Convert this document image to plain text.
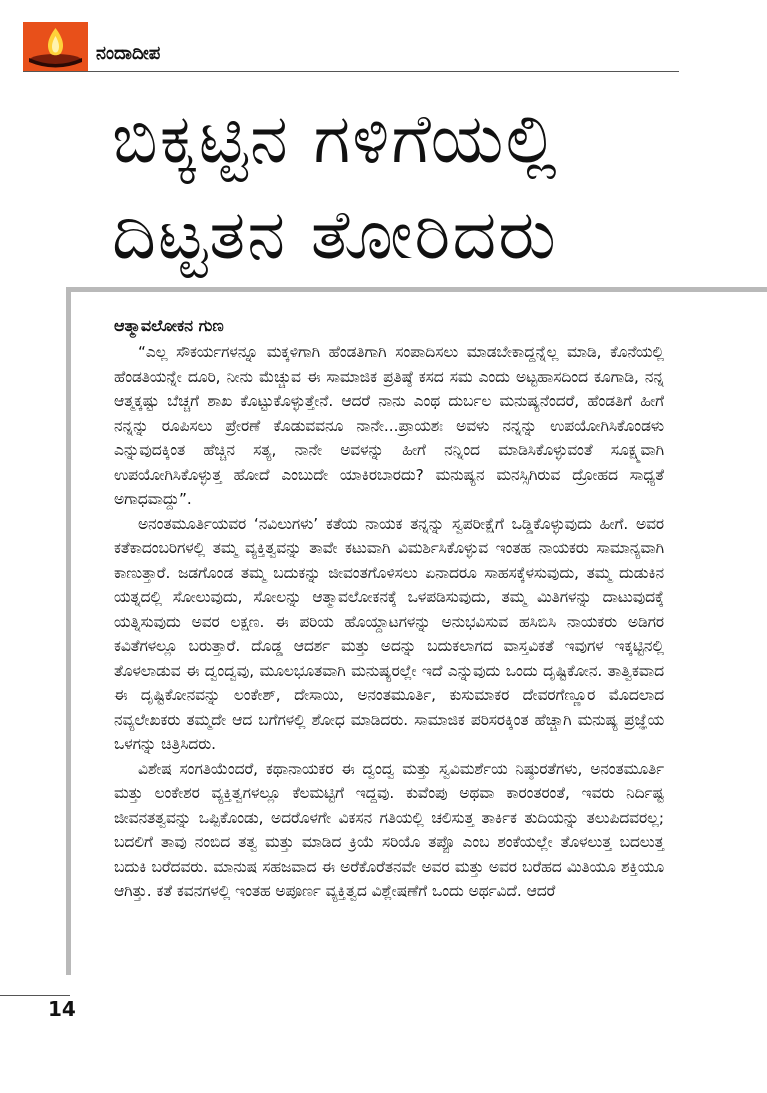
ನಂದಾದೀಪ
ಬಿಕ್ಕಟ್ಟಿನ ಗಳಿಗೆಯಲ್ಲಿ
ದಿಟ್ಟತನ ತೋರಿದರು
ಆತ್ಮಾವಲೋಕನ ಗುಣ

“ಎಲ್ಲ ಸೌಕರ್ಯಗಳನ್ನೂ ಮಕ್ಕಳಿಗಾಗಿ ಹೆಂಡತಿಗಾಗಿ ಸಂಪಾದಿಸಲು ಮಾಡಬೇಕಾದ್ದನ್ನೆಲ್ಲ ಮಾಡಿ, ಕೊನೆಯಲ್ಲಿ ಹೆಂಡತಿಯನ್ನೇ ದೂರಿ, ನೀನು ಮೆಚ್ಚುವ ಈ ಸಾಮಾಜಿಕ ಪ್ರತಿಷ್ಠೆ ಕಸದ ಸಮ ಎಂದು ಅಟ್ಟಹಾಸದಿಂದ ಕೂಗಾಡಿ, ನನ್ನ ಆತ್ಮಕ್ಕಷ್ಟು ಬೆಚ್ಚಗೆ ಶಾಖ ಕೊಟ್ಟುಕೊಳ್ಳುತ್ತೇನೆ. ಆದರೆ ನಾನು ಎಂಥ ದುರ್ಬಲ ಮನುಷ್ಯನೆಂದರೆ, ಹೆಂಡತಿಗೆ ಹೀಗೆ ನನ್ನನ್ನು ರೂಪಿಸಲು ಪ್ರೇರಣೆ ಕೊಡುವವನೂ ನಾನೇ...ಪ್ರಾಯಶಃ ಅವಳು ನನ್ನನ್ನು ಉಪಯೋಗಿಸಿಕೊಂಡಳು ಎನ್ನುವುದಕ್ಕಿಂತ ಹೆಚ್ಚಿನ ಸತ್ಯ, ನಾನೇ ಅವಳನ್ನು ಹೀಗೆ ನನ್ನಿಂದ ಮಾಡಿಸಿಕೊಳ್ಳುವಂತೆ ಸೂಕ್ಷ್ಮವಾಗಿ ಉಪಯೋಗಿಸಿಕೊಳ್ಳುತ್ತ ಹೋದೆ ಎಂಬುದೇ ಯಾಕಿರಬಾರದು? ಮನುಷ್ಯನ ಮನಸ್ಸಿಗಿರುವ ದ್ರೋಹದ ಸಾಧ್ಯತೆ ಅಗಾಧವಾದ್ದು”.

ಅನಂತಮೂರ್ತಿಯವರ ‘ನವಿಲುಗಳು’ ಕತೆಯ ನಾಯಕ ತನ್ನನ್ನು ಸ್ವಪರೀಕ್ಷೆಗೆ ಒಡ್ಡಿಕೊಳ್ಳುವುದು ಹೀಗೆ. ಅವರ ಕತೆಕಾದಂಬರಿಗಳಲ್ಲಿ ತಮ್ಮ ವ್ಯಕ್ತಿತ್ವವನ್ನು ತಾವೇ ಕಟುವಾಗಿ ವಿಮರ್ಶಿಸಿಕೊಳ್ಳುವ ಇಂತಹ ನಾಯಕರು ಸಾಮಾನ್ಯವಾಗಿ ಕಾಣುತ್ತಾರೆ. ಜಡಗೊಂಡ ತಮ್ಮ ಬದುಕನ್ನು ಜೀವಂತಗೊಳಿಸಲು ಏನಾದರೂ ಸಾಹಸಕ್ಕೆಳಸುವುದು, ತಮ್ಮ ದುಡುಕಿನ ಯತ್ನದಲ್ಲಿ ಸೋಲುವುದು, ಸೋಲನ್ನು ಆತ್ಮಾವಲೋಕನಕ್ಕೆ ಒಳಪಡಿಸುವುದು, ತಮ್ಮ ಮಿತಿಗಳನ್ನು ದಾಟುವುದಕ್ಕೆ ಯತ್ನಿಸುವುದು ಅವರ ಲಕ್ಷಣ. ಈ ಪರಿಯ ಹೊಯ್ದಾಟಗಳನ್ನು ಅನುಭವಿಸುವ ಹಸಿಬಿಸಿ ನಾಯಕರು ಅಡಿಗರ ಕವಿತೆಗಳಲ್ಲೂ ಬರುತ್ತಾರೆ. ದೊಡ್ಡ ಆದರ್ಶ ಮತ್ತು ಅದನ್ನು ಬದುಕಲಾಗದ ವಾಸ್ತವಿಕತೆ ಇವುಗಳ ಇಕ್ಕಟ್ಟಿನಲ್ಲಿ ತೊಳಲಾಡುವ ಈ ದ್ವಂದ್ವವು, ಮೂಲಭೂತವಾಗಿ ಮನುಷ್ಯರಲ್ಲೇ ಇದೆ ಎನ್ನುವುದು ಒಂದು ದೃಷ್ಟಿಕೋನ. ತಾತ್ವಿಕವಾದ ಈ ದೃಷ್ಟಿಕೋನವನ್ನು ಲಂಕೇಶ್, ದೇಸಾಯಿ, ಅನಂತಮೂರ್ತಿ, ಕುಸುಮಾಕರ ದೇವರಗೆಣ್ಣೂರ ಮೊದಲಾದ ನವ್ಯಲೇಖಕರು ತಮ್ಮದೇ ಆದ ಬಗೆಗಳಲ್ಲಿ ಶೋಧ ಮಾಡಿದರು. ಸಾಮಾಜಿಕ ಪರಿಸರಕ್ಕಿಂತ ಹೆಚ್ಚಾಗಿ ಮನುಷ್ಯ ಪ್ರಜ್ಞೆಯ ಒಳಗನ್ನು ಚಿತ್ರಿಸಿದರು.

ವಿಶೇಷ ಸಂಗತಿಯೆಂದರೆ, ಕಥಾನಾಯಕರ ಈ ದ್ವಂದ್ವ ಮತ್ತು ಸ್ವವಿಮರ್ಶೆಯ ನಿಷ್ಠುರತೆಗಳು, ಅನಂತಮೂರ್ತಿ ಮತ್ತು ಲಂಕೇಶರ ವ್ಯಕ್ತಿತ್ವಗಳಲ್ಲೂ ಕೆಲಮಟ್ಟಿಗೆ ಇದ್ದವು. ಕುವೆಂಪು ಅಥವಾ ಕಾರಂತರಂತೆ, ಇವರು ನಿರ್ದಿಷ್ಟ ಜೀವನತತ್ವವನ್ನು ಒಪ್ಪಿಕೊಂಡು, ಅದರೊಳಗೇ ವಿಕಸನ ಗತಿಯಲ್ಲಿ ಚಲಿಸುತ್ತ ತಾರ್ಕಿಕ ತುದಿಯನ್ನು ತಲುಪಿದವರಲ್ಲ; ಬದಲಿಗೆ ತಾವು ನಂಬಿದ ತತ್ವ ಮತ್ತು ಮಾಡಿದ ಕ್ರಿಯೆ ಸರಿಯೊ ತಪ್ಪೊ ಎಂಬ ಶಂಕೆಯಲ್ಲೇ ತೊಳಲುತ್ತ ಬದಲುತ್ತ ಬದುಕಿ ಬರೆದವರು. ಮಾನುಷ ಸಹಜವಾದ ಈ ಅರೆಕೊರೆತನವೇ ಅವರ ಮತ್ತು ಅವರ ಬರೆಹದ ಮಿತಿಯೂ ಶಕ್ತಿಯೂ ಆಗಿತ್ತು. ಕತೆ ಕವನಗಳಲ್ಲಿ ಇಂತಹ ಅಪೂರ್ಣ ವ್ಯಕ್ತಿತ್ವದ ವಿಶ್ಲೇಷಣೆಗೆ ಒಂದು ಅರ್ಥವಿದೆ. ಆದರೆ

14
